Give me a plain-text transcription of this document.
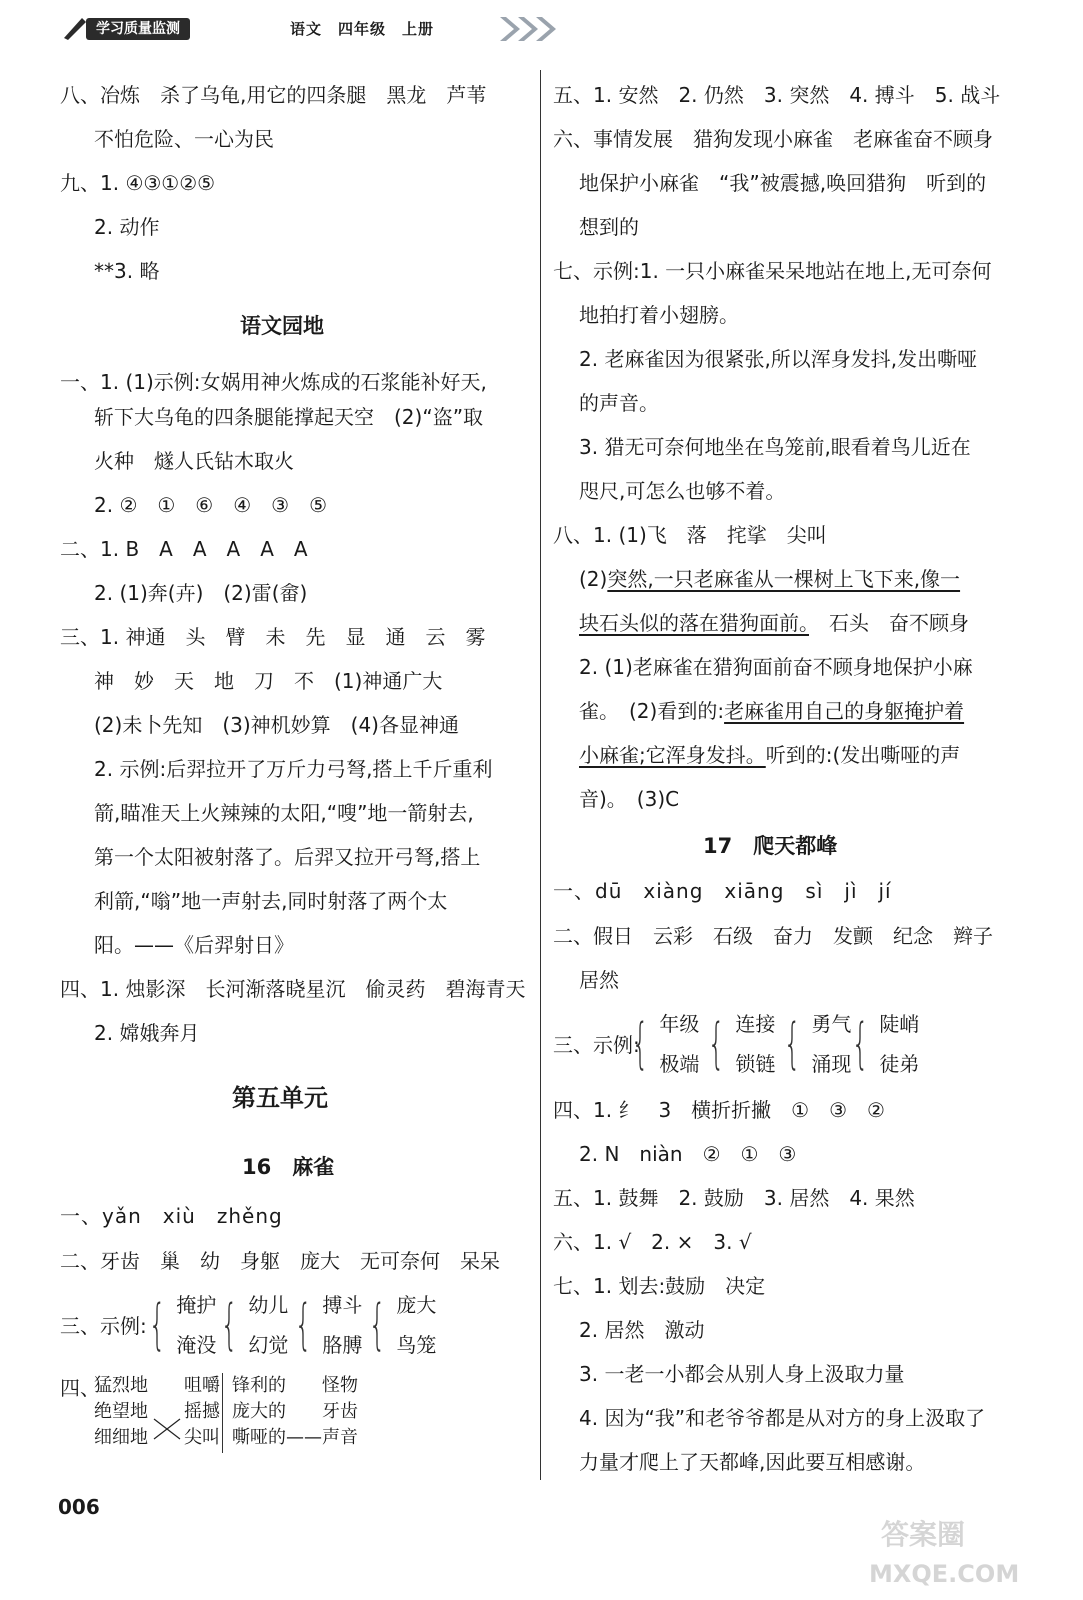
学习质量监测	语文　四年级　上册
八、冶炼　杀了乌龟,用它的四条腿　黑龙　芦苇
不怕危险、一心为民
九、1. ④③①②⑤
2. 动作
**3. 略
语文园地
一、1. (1)示例:女娲用神火炼成的石浆能补好天,
斩下大乌龟的四条腿能撑起天空　(2)“盗”取
火种　燧人氏钻木取火
2. ②　①　⑥　④　③　⑤
二、1. B　A　A　A　A　A
2. (1)奔(卉)　(2)雷(畲)
三、1. 神通　头　臂　未　先　显　通　云　雾
神　妙　天　地　刀　不　(1)神通广大
(2)未卜先知　(3)神机妙算　(4)各显神通
2. 示例:后羿拉开了万斤力弓弩,搭上千斤重利
箭,瞄准天上火辣辣的太阳,“嗖”地一箭射去,
第一个太阳被射落了。后羿又拉开弓弩,搭上
利箭,“嗡”地一声射去,同时射落了两个太
阳。——《后羿射日》
四、1. 烛影深　长河渐落晓星沉　偷灵药　碧海青天
2. 嫦娥奔月
第五单元
16　麻雀
一、yǎn　xiù　zhěng
二、牙齿　巢　幼　身躯　庞大　无可奈何　呆呆
三、示例: { 掩护
淹没 { 幼儿
幻觉 { 搏斗
胳膊 { 庞大
鸟笼
四、
猛烈地　　咀嚼
绝望地　　摇撼
细细地　　尖叫
锋利的　　怪物
庞大的　　牙齿
嘶哑的——声音
五、1. 安然　2. 仍然　3. 突然　4. 搏斗　5. 战斗
六、事情发展　猎狗发现小麻雀　老麻雀奋不顾身
地保护小麻雀　“我”被震撼,唤回猎狗　听到的
想到的
七、示例:1. 一只小麻雀呆呆地站在地上,无可奈何
地拍打着小翅膀。
2. 老麻雀因为很紧张,所以浑身发抖,发出嘶哑
的声音。
3. 猎无可奈何地坐在鸟笼前,眼看着鸟儿近在
咫尺,可怎么也够不着。
八、1. (1)飞　落　挓挲　尖叫
(2)突然,一只老麻雀从一棵树上飞下来,像一
块石头似的落在猎狗面前。　石头　奋不顾身
2. (1)老麻雀在猎狗面前奋不顾身地保护小麻
雀。　(2)看到的:老麻雀用自己的身躯掩护着
小麻雀;它浑身发抖。听到的:(发出嘶哑的声
音)。　(3)C
17　爬天都峰
一、dū　xiàng　xiāng　sì　jì　jí
二、假日　云彩　石级　奋力　发颤　纪念　辫子
居然
三、示例:
{ 年级
极端 { 连接
锁链 { 勇气
涌现 { 陡峭
徒弟
四、1. 纟　3　横折折撇　①　③　②
2. N　niàn　②　①　③
五、1. 鼓舞　2. 鼓励　3. 居然　4. 果然
六、1. √　2. ×　3. √
七、1. 划去:鼓励　决定
2. 居然　激动
3. 一老一小都会从别人身上汲取力量
4. 因为“我”和老爷爷都是从对方的身上汲取了
力量才爬上了天都峰,因此要互相感谢。
006
答案圈
MXQE.COM
